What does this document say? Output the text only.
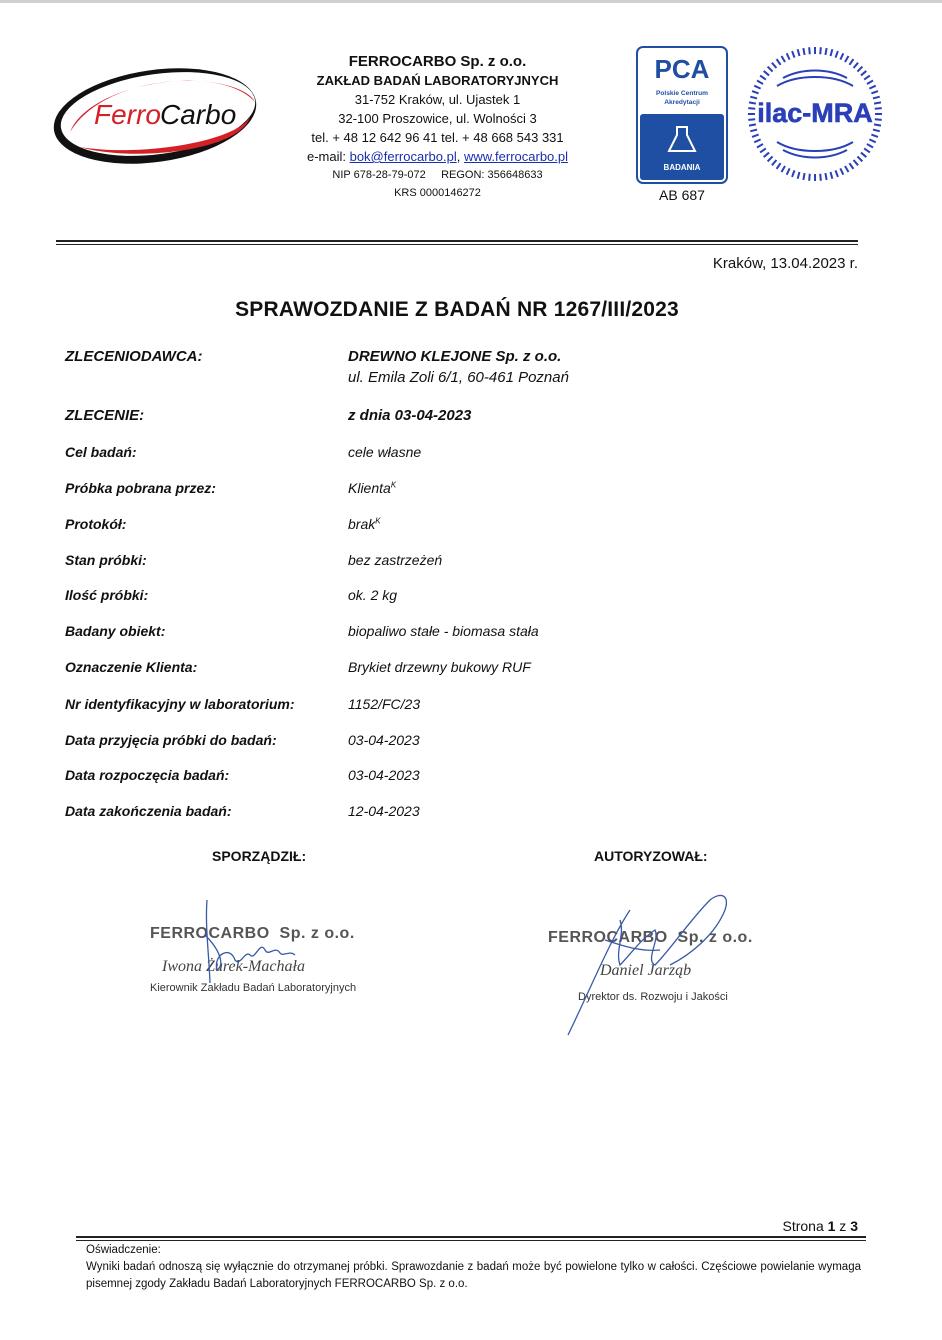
Ferro Carbo
FERROCARBO Sp. z o.o.
ZAKŁAD BADAŃ LABORATORYJNYCH
31-752 Kraków, ul. Ujastek 1
32-100 Proszowice, ul. Wolności 3
tel. + 48 12 642 96 41 tel. + 48 668 543 331
e-mail: bok@ferrocarbo.pl, www.ferrocarbo.pl
NIP 678-28-79-072     REGON: 356648633
KRS 0000146272
PCA
Polskie Centrum
Akredytacji
BADANIA
AB 687
ilac-MRA
Kraków, 13.04.2023 r.
SPRAWOZDANIE Z BADAŃ NR 1267/III/2023
ZLECENIODAWCA:	DREWNO KLEJONE Sp. z o.o.
ul. Emila Zoli 6/1, 60-461 Poznań
ZLECENIE:	z dnia 03-04-2023
Cel badań:	cele własne
Próbka pobrana przez:	Klienta$^K$
Protokół:	brak$^K$
Stan próbki:	bez zastrzeżeń
Ilość próbki:	ok. 2 kg
Badany obiekt:	biopaliwo stałe - biomasa stała
Oznaczenie Klienta:	Brykiet drzewny bukowy RUF
Nr identyfikacyjny w laboratorium:	1152/FC/23
Data przyjęcia próbki do badań:	03-04-2023
Data rozpoczęcia badań:	03-04-2023
Data zakończenia badań:	12-04-2023
SPORZĄDZIŁ:	AUTORYZOWAŁ:
FERROCARBO  Sp. z o.o.
Iwona Żurek-Machała
Kierownik Zakładu Badań Laboratoryjnych
FERROCARBO  Sp. z o.o.
Daniel Jarząb
Dyrektor ds. Rozwoju i Jakości
Strona 1 z 3
Oświadczenie:
Wyniki badań odnoszą się wyłącznie do otrzymanej próbki. Sprawozdanie z badań może być powielone tylko w całości. Częściowe powielanie wymaga pisemnej zgody Zakładu Badań Laboratoryjnych FERROCARBO Sp. z o.o.
